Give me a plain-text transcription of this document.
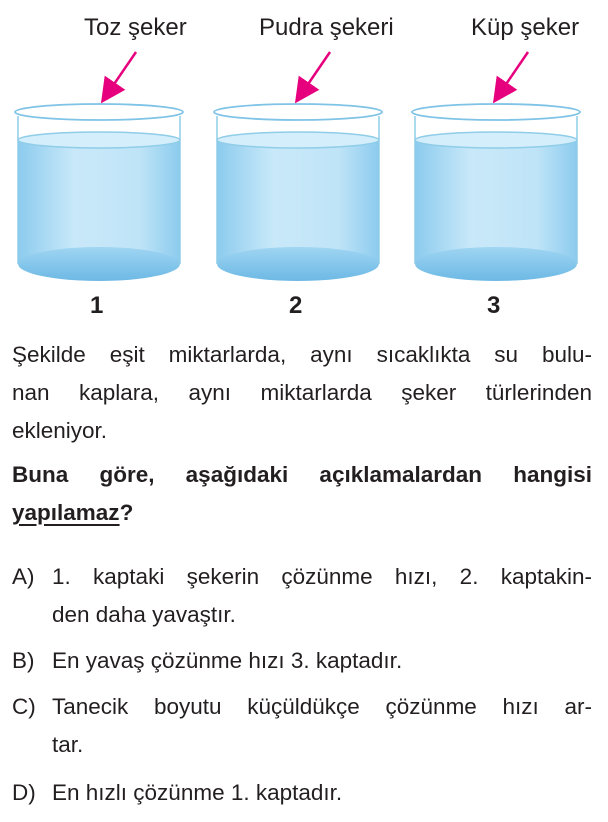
Toz şeker	Pudra şekeri	Küp şeker
1	2	3
Şekilde eşit miktarlarda, aynı sıcaklıkta su bulu-
nan kaplara, aynı miktarlarda şeker türlerinden
ekleniyor.
Buna göre, aşağıdaki açıklamalardan hangisi
yapılamaz?
A) 1. kaptaki şekerin çözünme hızı, 2. kaptakin-
den daha yavaştır.
B) En yavaş çözünme hızı 3. kaptadır.
C) Tanecik boyutu küçüldükçe çözünme hızı ar-
tar.
D) En hızlı çözünme 1. kaptadır.
